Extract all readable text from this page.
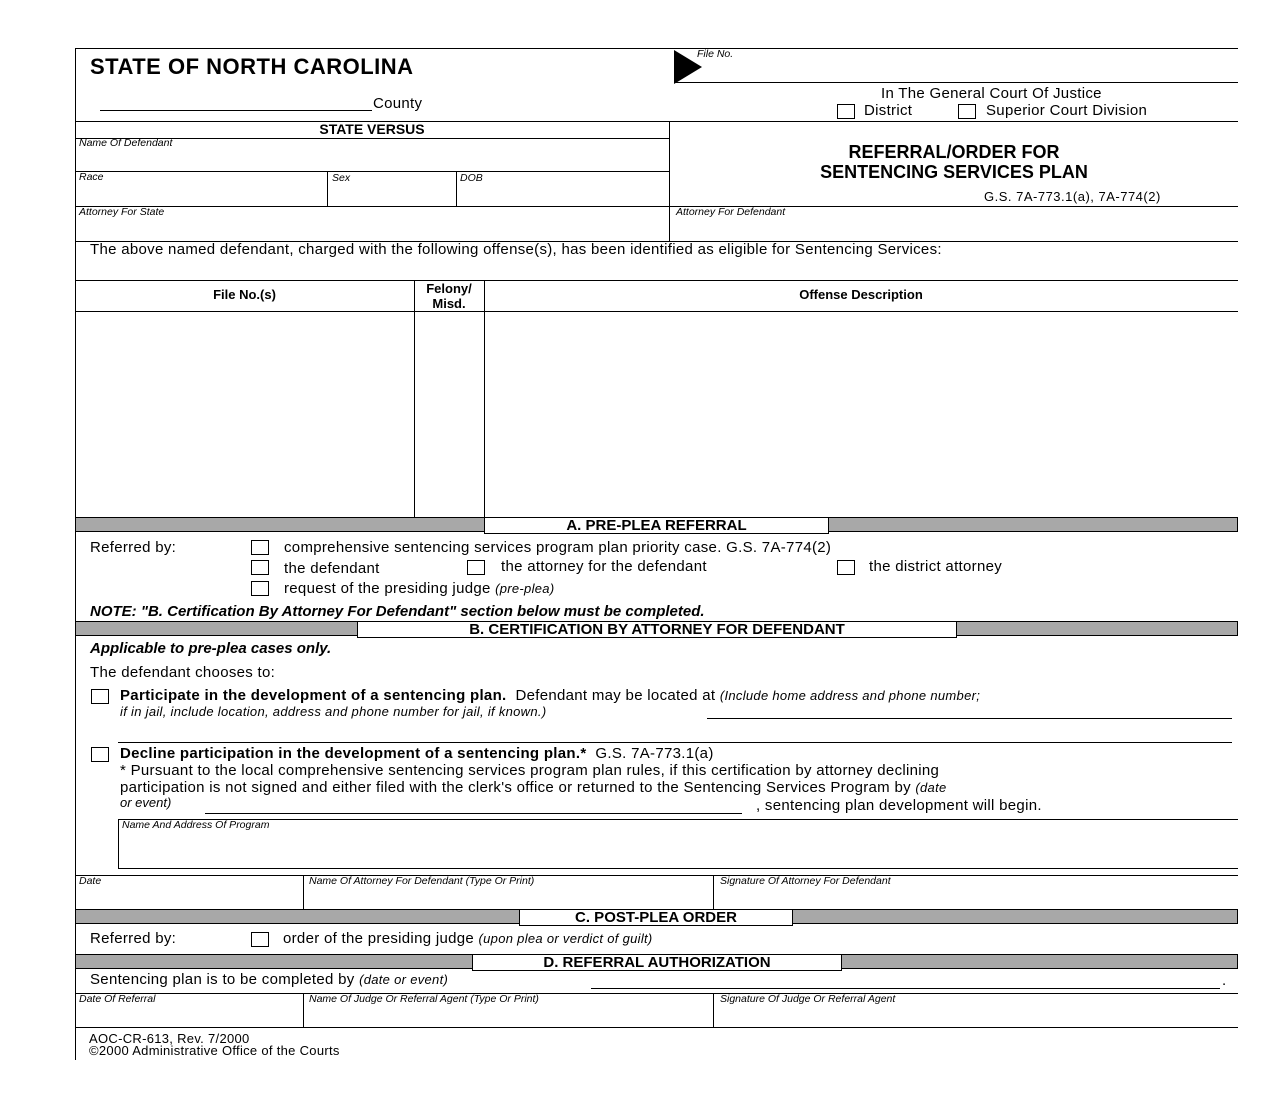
STATE OF NORTH CAROLINA
County
File No.
In The General Court Of Justice
District	Superior Court Division
STATE VERSUS
Name Of Defendant
Race	Sex	DOB
Attorney For State	Attorney For Defendant
REFERRAL/ORDER FOR
SENTENCING SERVICES PLAN
G.S. 7A-773.1(a), 7A-774(2)
The above named defendant, charged with the following offense(s), has been identified as eligible for Sentencing Services:
File No.(s)	Felony/
Misd.
Offense Description
A. PRE-PLEA REFERRAL
Referred by:	comprehensive sentencing services program plan priority case. G.S. 7A-774(2)
the defendant	the attorney for the defendant	the district attorney
request of the presiding judge (pre-plea)
NOTE: "B. Certification By Attorney For Defendant" section below must be completed.
B. CERTIFICATION BY ATTORNEY FOR DEFENDANT
Applicable to pre-plea cases only.
The defendant chooses to:
Participate in the development of a sentencing plan. Defendant may be located at (Include home address and phone number;
if in jail, include location, address and phone number for jail, if known.)
Decline participation in the development of a sentencing plan.* G.S. 7A-773.1(a)
* Pursuant to the local comprehensive sentencing services program plan rules, if this certification by attorney declining
participation is not signed and either filed with the clerk's office or returned to the Sentencing Services Program by (date
or event)	, sentencing plan development will begin.
Name And Address Of Program
Date	Name Of Attorney For Defendant (Type Or Print)	Signature Of Attorney For Defendant
C. POST-PLEA ORDER
Referred by:	order of the presiding judge (upon plea or verdict of guilt)
D. REFERRAL AUTHORIZATION
Sentencing plan is to be completed by (date or event)	.
Date Of Referral	Name Of Judge Or Referral Agent (Type Or Print)	Signature Of Judge Or Referral Agent
AOC-CR-613, Rev. 7/2000
©2000 Administrative Office of the Courts
